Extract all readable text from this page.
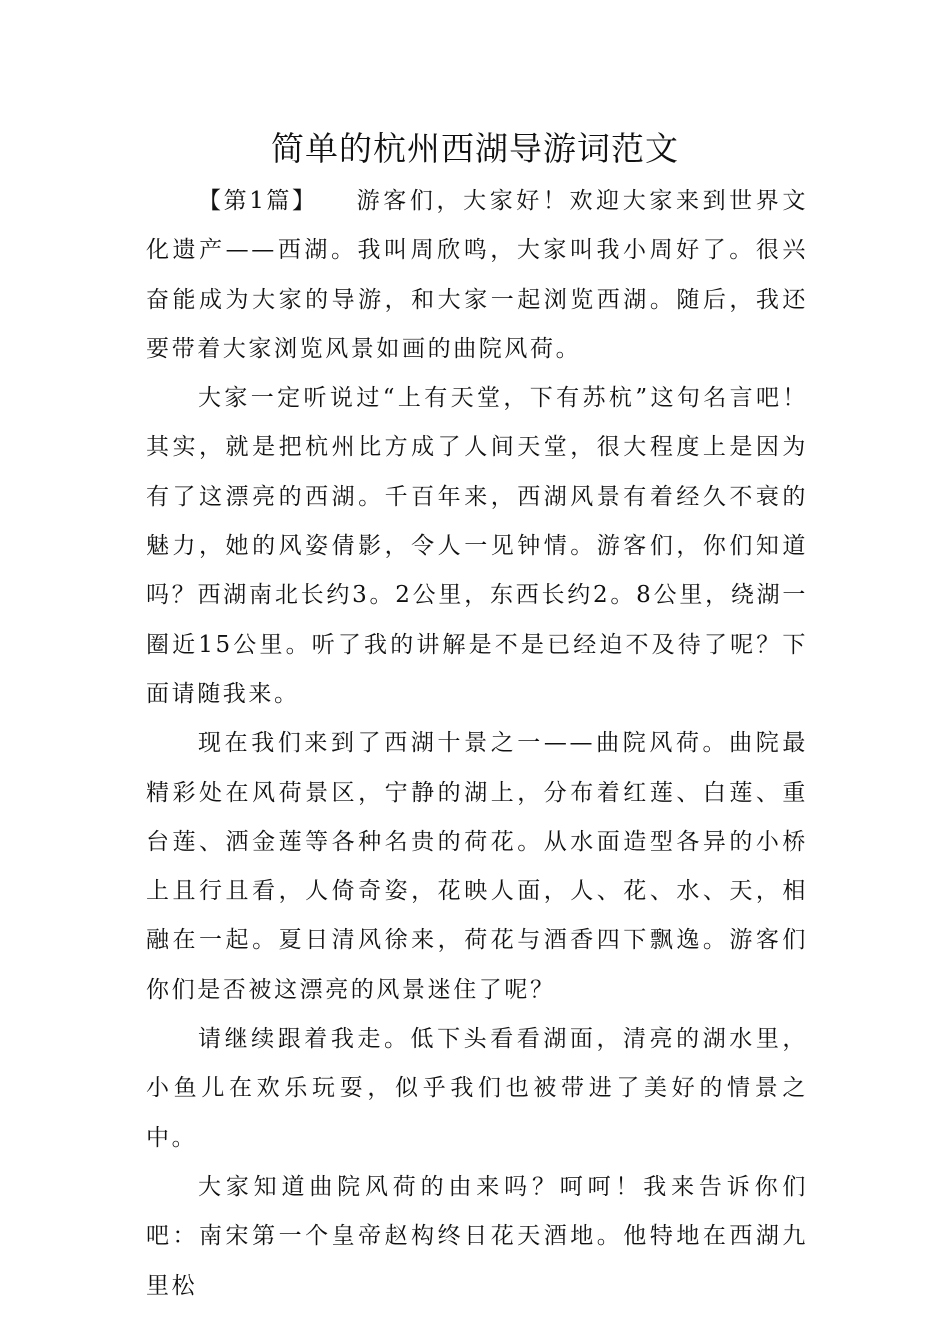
简单的杭州西湖导游词范文

【第1篇】 游客们，大家好！欢迎大家来到世界文化遗产——西湖。我叫周欣鸣，大家叫我小周好了。很兴奋能成为大家的导游，和大家一起浏览西湖。随后，我还要带着大家浏览风景如画的曲院风荷。

大家一定听说过“上有天堂，下有苏杭”这句名言吧！其实，就是把杭州比方成了人间天堂，很大程度上是因为有了这漂亮的西湖。千百年来，西湖风景有着经久不衰的魅力，她的风姿倩影，令人一见钟情。游客们，你们知道吗？西湖南北长约3。2公里，东西长约2。8公里，绕湖一圈近15公里。听了我的讲解是不是已经迫不及待了呢？下面请随我来。

现在我们来到了西湖十景之一——曲院风荷。曲院最精彩处在风荷景区，宁静的湖上，分布着红莲、白莲、重台莲、洒金莲等各种名贵的荷花。从水面造型各异的小桥上且行且看，人倚奇姿，花映人面，人、花、水、天，相融在一起。夏日清风徐来，荷花与酒香四下飘逸。游客们你们是否被这漂亮的风景迷住了呢？

请继续跟着我走。低下头看看湖面，清亮的湖水里，小鱼儿在欢乐玩耍，似乎我们也被带进了美好的情景之中。

大家知道曲院风荷的由来吗？呵呵！我来告诉你们吧：南宋第一个皇帝赵构终日花天酒地。他特地在西湖九里松
